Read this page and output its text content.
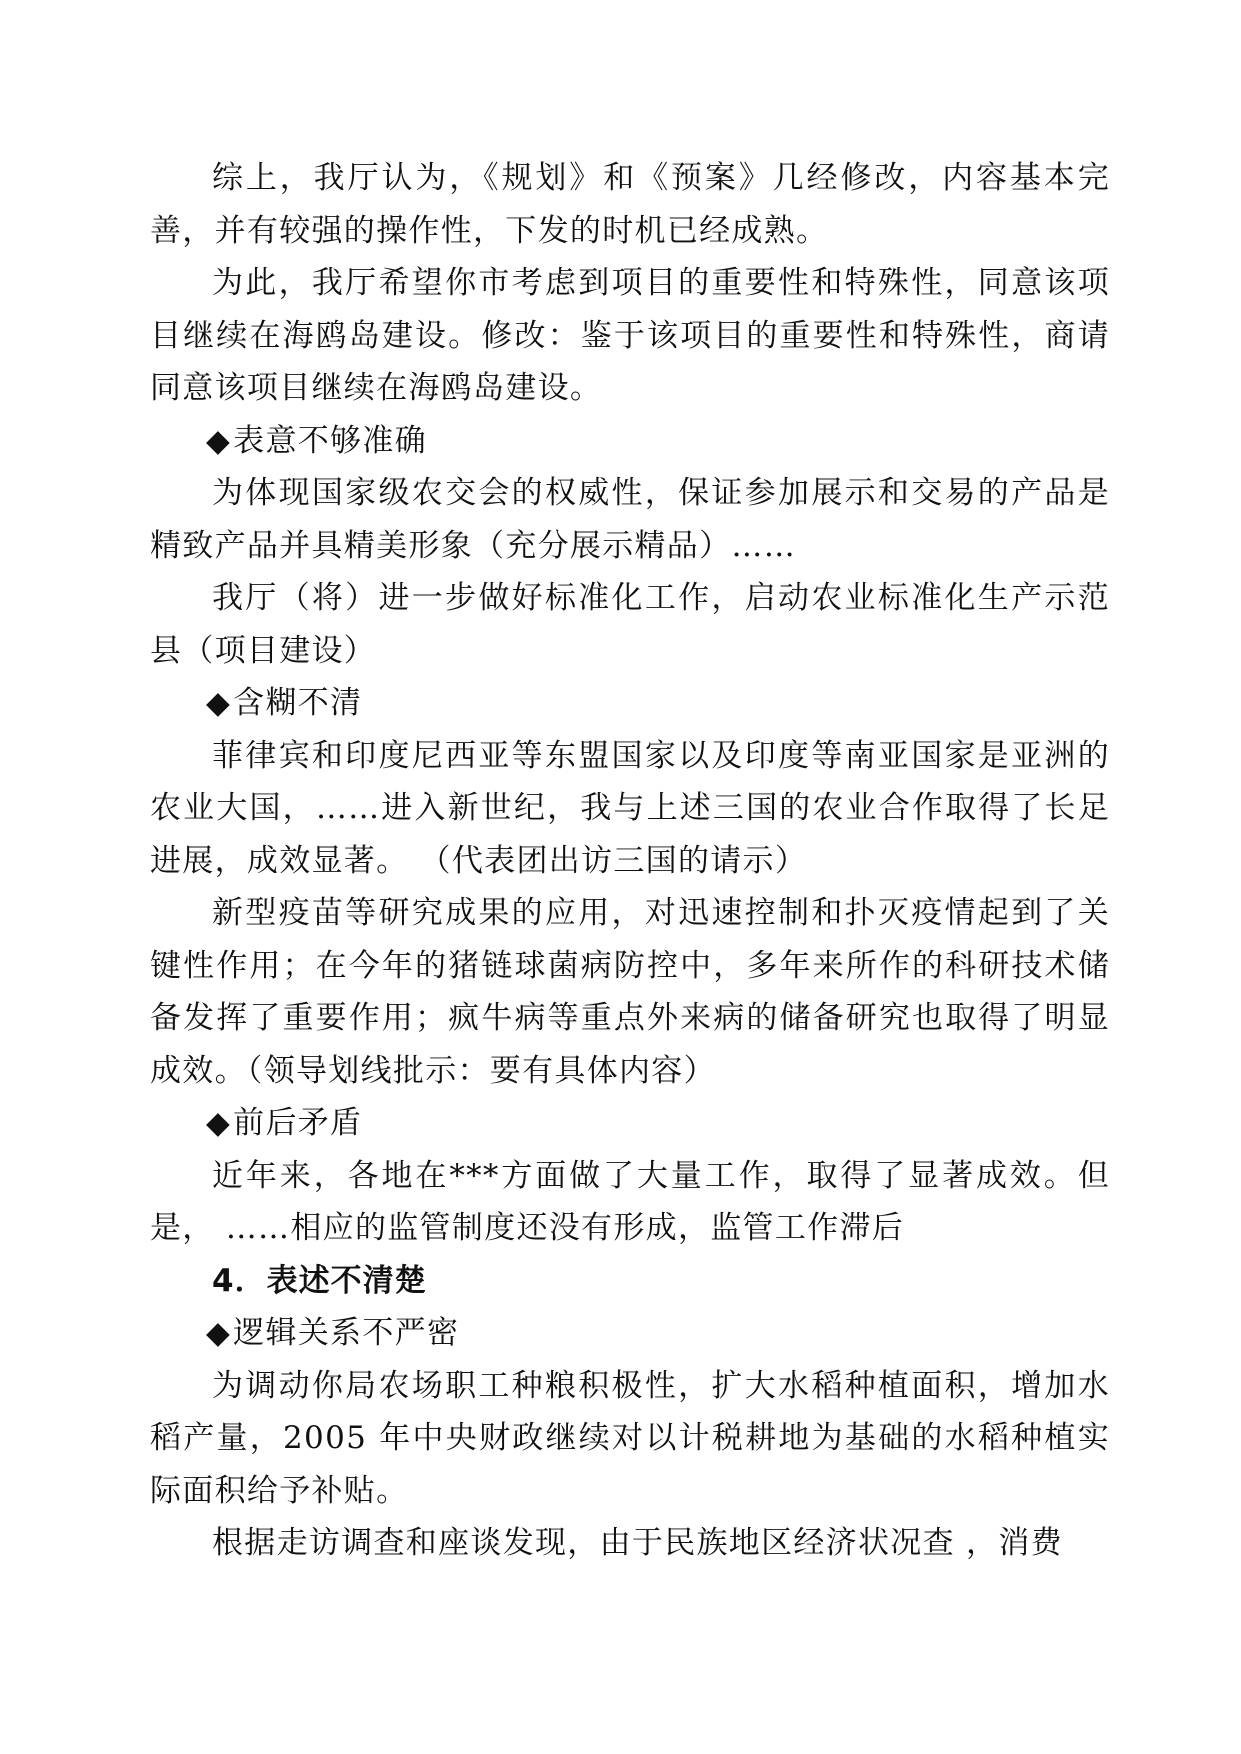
综上，我厅认为，《规划》和《预案》几经修改，内容基本完善，并有较强的操作性，下发的时机已经成熟。

为此，我厅希望你市考虑到项目的重要性和特殊性，同意该项目继续在海鸥岛建设。修改：鉴于该项目的重要性和特殊性，商请同意该项目继续在海鸥岛建设。

◆表意不够准确

为体现国家级农交会的权威性，保证参加展示和交易的产品是精致产品并具精美形象（充分展示精品）……

我厅（将）进一步做好标准化工作，启动农业标准化生产示范县（项目建设）

◆含糊不清

菲律宾和印度尼西亚等东盟国家以及印度等南亚国家是亚洲的农业大国，……进入新世纪，我与上述三国的农业合作取得了长足进展，成效显著。 （代表团出访三国的请示）

新型疫苗等研究成果的应用，对迅速控制和扑灭疫情起到了关键性作用；在今年的猪链球菌病防控中，多年来所作的科研技术储备发挥了重要作用；疯牛病等重点外来病的储备研究也取得了明显成效。（领导划线批示：要有具体内容）

◆前后矛盾

近年来，各地在***方面做了大量工作，取得了显著成效。但是， ……相应的监管制度还没有形成，监管工作滞后

4．表述不清楚

◆逻辑关系不严密

为调动你局农场职工种粮积极性，扩大水稻种植面积，增加水稻产量，2005 年中央财政继续对以计税耕地为基础的水稻种植实际面积给予补贴。

根据走访调查和座谈发现，由于民族地区经济状况查 ，消费
